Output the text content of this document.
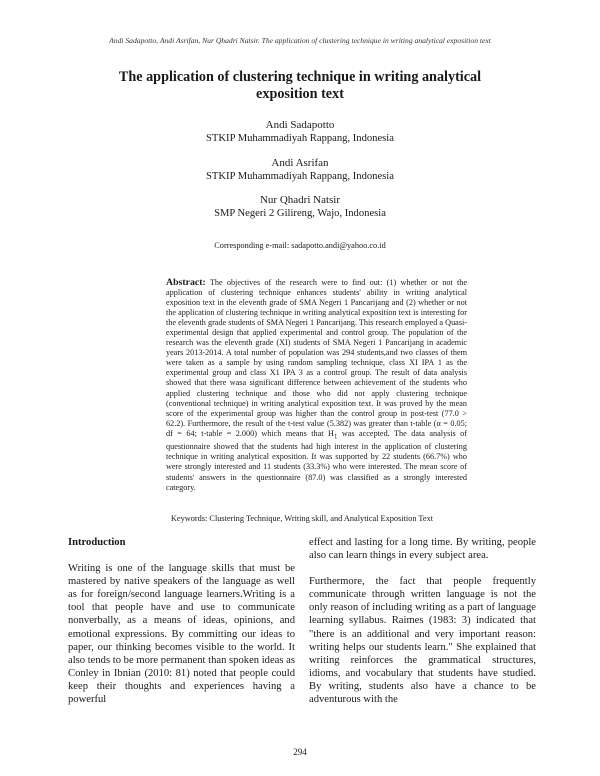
Andi Sadapotto, Andi Asrifan, Nur Qhadri Natsir. The application of clustering technique in writing analytical exposition text
The application of clustering technique in writing analytical exposition text
Andi Sadapotto
STKIP Muhammadiyah Rappang, Indonesia
Andi Asrifan
STKIP Muhammadiyah Rappang, Indonesia
Nur Qhadri Natsir
SMP Negeri 2 Gilireng, Wajo, Indonesia
Corresponding e-mail: sadapotto.andi@yahoo.co.id
Abstract: The objectives of the research were to find out: (1) whether or not the application of clustering technique enhances students' ability in writing analytical exposition text in the eleventh grade of SMA Negeri 1 Pancarijang and (2) whether or not the application of clustering technique in writing analytical exposition text is interesting for the eleventh grade students of SMA Negeri 1 Pancarijang. This research employed a Quasi-experimental design that applied experimental and control group. The population of the research was the eleventh grade (XI) students of SMA Negeri 1 Pancarijang in academic years 2013-2014. A total number of population was 294 students,and two classes of them were taken as a sample by using random sampling technique, class XI IPA 1 as the experimental group and class X1 IPA 3 as a control group. The result of data analysis showed that there wasa significant difference between achievement of the students who applied clustering technique and those who did not apply clustering technique (conventional technique) in writing analytical exposition text. It was proved by the mean score of the experimental group was higher than the control group in post-test (77.0 > 62.2). Furthermore, the result of the t-test value (5.382) was greater than t-table (α = 0.05; df = 64; t-table = 2.000) which means that $H_1$ was accepted. The data analysis of questionnaire showed that the students had high interest in the application of clustering technique in writing analytical exposition. It was supported by 22 students (66.7%) who were strongly interested and 11 students (33.3%) who were interested. The mean score of students' answers in the questionnaire (87.0) was classified as a strongly interested category.
Keywords: Clustering Technique, Writing skill, and Analytical Exposition Text
Introduction

Writing is one of the language skills that must be mastered by native speakers of the language as well as for foreign/second language learners.Writing is a tool that people have and use to communicate nonverbally, as a means of ideas, opinions, and emotional expressions. By committing our ideas to paper, our thinking becomes visible to the world. It also tends to be more permanent than spoken ideas as Conley in Ibnian (2010: 81) noted that people could keep their thoughts and experiences having a powerful

effect and lasting for a long time. By writing, people also can learn things in every subject area.

Furthermore, the fact that people frequently communicate through written language is not the only reason of including writing as a part of language learning syllabus. Raimes (1983: 3) indicated that "there is an additional and very important reason: writing helps our students learn." She explained that writing reinforces the grammatical structures, idioms, and vocabulary that students have studied. By writing, students also have a chance to be adventurous with the

294
